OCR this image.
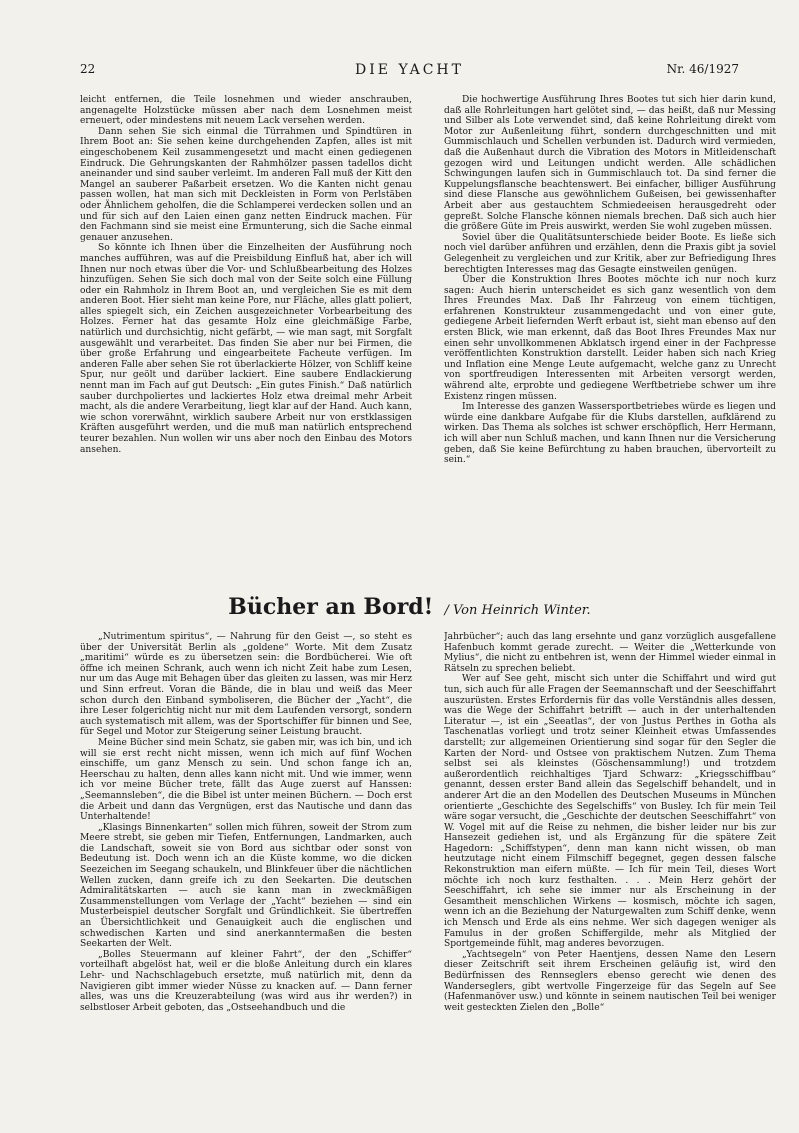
22	DIE YACHT	Nr. 46/1927

leicht entfernen, die Teile losnehmen und wieder anschrauben, angenagelte Holzstücke müssen aber nach dem Losnehmen meist erneuert, oder mindestens mit neuem Lack versehen werden.

Dann sehen Sie sich einmal die Türrahmen und Spindtüren in Ihrem Boot an: Sie sehen keine durchgehenden Zapfen, alles ist mit eingeschobenem Keil zusammengesetzt und macht einen gediegenen Eindruck. Die Gehrungskanten der Rahmhölzer passen tadellos dicht aneinander und sind sauber verleimt. Im anderen Fall muß der Kitt den Mangel an sauberer Paßarbeit ersetzen. Wo die Kanten nicht genau passen wollen, hat man sich mit Deckleisten in Form von Perlstäben oder Ähnlichem geholfen, die die Schlamperei verdecken sollen und an und für sich auf den Laien einen ganz netten Eindruck machen. Für den Fachmann sind sie meist eine Ermunterung, sich die Sache einmal genauer anzusehen.

So könnte ich Ihnen über die Einzelheiten der Ausführung noch manches aufführen, was auf die Preisbildung Einfluß hat, aber ich will Ihnen nur noch etwas über die Vor- und Schlußbearbeitung des Holzes hinzufügen. Sehen Sie sich doch mal von der Seite solch eine Füllung oder ein Rahmholz in Ihrem Boot an, und vergleichen Sie es mit dem anderen Boot. Hier sieht man keine Pore, nur Fläche, alles glatt poliert, alles spiegelt sich, ein Zeichen ausgezeichneter Vorbearbeitung des Holzes. Ferner hat das gesamte Holz eine gleichmäßige Farbe, natürlich und durchsichtig, nicht gefärbt, — wie man sagt, mit Sorgfalt ausgewählt und verarbeitet. Das finden Sie aber nur bei Firmen, die über große Erfahrung und eingearbeitete Facheute verfügen. Im anderen Falle aber sehen Sie rot überlackierte Hölzer, von Schliff keine Spur, nur geölt und darüber lackiert. Eine saubere Endlackierung nennt man im Fach auf gut Deutsch: „Ein gutes Finish.“ Daß natürlich sauber durchpoliertes und lackiertes Holz etwa dreimal mehr Arbeit macht, als die andere Verarbeitung, liegt klar auf der Hand. Auch kann, wie schon vorerwähnt, wirklich saubere Arbeit nur von erstklassigen Kräften ausgeführt werden, und die muß man natürlich entsprechend teurer bezahlen. Nun wollen wir uns aber noch den Einbau des Motors ansehen.

Die hochwertige Ausführung Ihres Bootes tut sich hier darin kund, daß alle Rohrleitungen hart gelötet sind, — das heißt, daß nur Messing und Silber als Lote verwendet sind, daß keine Rohrleitung direkt vom Motor zur Außenleitung führt, sondern durchgeschnitten und mit Gummischlauch und Schellen verbunden ist. Dadurch wird vermieden, daß die Außenhaut durch die Vibration des Motors in Mitleidenschaft gezogen wird und Leitungen undicht werden. Alle schädlichen Schwingungen laufen sich in Gummischlauch tot. Da sind ferner die Kuppelungsflansche beachtenswert. Bei einfacher, billiger Ausführung sind diese Flansche aus gewöhnlichem Gußeisen, bei gewissenhafter Arbeit aber aus gestauchtem Schmiedeeisen herausgedreht oder gepreßt. Solche Flansche können niemals brechen. Daß sich auch hier die größere Güte im Preis auswirkt, werden Sie wohl zugeben müssen.

Soviel über die Qualitätsunterschiede beider Boote. Es ließe sich noch viel darüber anführen und erzählen, denn die Praxis gibt ja soviel Gelegenheit zu vergleichen und zur Kritik, aber zur Befriedigung Ihres berechtigten Interesses mag das Gesagte einstweilen genügen.

Über die Konstruktion Ihres Bootes möchte ich nur noch kurz sagen: Auch hierin unterscheidet es sich ganz wesentlich von dem Ihres Freundes Max. Daß Ihr Fahrzeug von einem tüchtigen, erfahrenen Konstrukteur zusammengedacht und von einer gute, gediegene Arbeit liefernden Werft erbaut ist, sieht man ebenso auf den ersten Blick, wie man erkennt, daß das Boot Ihres Freundes Max nur einen sehr unvollkommenen Abklatsch irgend einer in der Fachpresse veröffentlichten Konstruktion darstellt. Leider haben sich nach Krieg und Inflation eine Menge Leute aufgemacht, welche ganz zu Unrecht von sportfreudigen Interessenten mit Arbeiten versorgt werden, während alte, erprobte und gediegene Werftbetriebe schwer um ihre Existenz ringen müssen.

Im Interesse des ganzen Wassersportbetriebes würde es liegen und würde eine dankbare Aufgabe für die Klubs darstellen, aufklärend zu wirken. Das Thema als solches ist schwer erschöpflich, Herr Hermann, ich will aber nun Schluß machen, und kann Ihnen nur die Versicherung geben, daß Sie keine Befürchtung zu haben brauchen, übervorteilt zu sein.“

Bücher an Bord! / Von Heinrich Winter.

„Nutrimentum spiritus“, — Nahrung für den Geist —, so steht es über der Universität Berlin als „goldene“ Worte. Mit dem Zusatz „maritimi“ würde es zu übersetzen sein: die Bordbücherei. Wie oft öffne ich meinen Schrank, auch wenn ich nicht Zeit habe zum Lesen, nur um das Auge mit Behagen über das gleiten zu lassen, was mir Herz und Sinn erfreut. Voran die Bände, die in blau und weiß das Meer schon durch den Einband symboliseren, die Bücher der „Yacht“, die ihre Leser folgerichtig nicht nur mit dem Laufenden versorgt, sondern auch systematisch mit allem, was der Sportschiffer für binnen und See, für Segel und Motor zur Steigerung seiner Leistung braucht.

Meine Bücher sind mein Schatz, sie gaben mir, was ich bin, und ich will sie erst recht nicht missen, wenn ich mich auf fünf Wochen einschiffe, um ganz Mensch zu sein. Und schon fange ich an, Heerschau zu halten, denn alles kann nicht mit. Und wie immer, wenn ich vor meine Bücher trete, fällt das Auge zuerst auf Hanssen: „Seemannsleben“, die die Bibel ist unter meinen Büchern. — Doch erst die Arbeit und dann das Vergnügen, erst das Nautische und dann das Unterhaltende!

„Klasings Binnenkarten“ sollen mich führen, soweit der Strom zum Meere strebt, sie geben mir Tiefen, Entfernungen, Landmarken, auch die Landschaft, soweit sie von Bord aus sichtbar oder sonst von Bedeutung ist. Doch wenn ich an die Küste komme, wo die dicken Seezeichen im Seegang schaukeln, und Blinkfeuer über die nächtlichen Wellen zucken, dann greife ich zu den Seekarten. Die deutschen Admiralitätskarten — auch sie kann man in zweckmäßigen Zusammenstellungen vom Verlage der „Yacht“ beziehen — sind ein Musterbeispiel deutscher Sorgfalt und Gründlichkeit. Sie übertreffen an Übersichtlichkeit und Genauigkeit auch die englischen und schwedischen Karten und sind anerkanntermaßen die besten Seekarten der Welt.

„Bolles Steuermann auf kleiner Fahrt“, der den „Schiffer“ vorteilhaft abgelöst hat, weil er die bloße Anleitung durch ein klares Lehr- und Nachschlagebuch ersetzte, muß natürlich mit, denn da Navigieren gibt immer wieder Nüsse zu knacken auf. — Dann ferner alles, was uns die Kreuzerabteilung (was wird aus ihr werden?) in selbstloser Arbeit geboten, das „Ostseehandbuch und die

Jahrbücher“; auch das lang ersehnte und ganz vorzüglich ausgefallene Hafenbuch kommt gerade zurecht. — Weiter die „Wetterkunde von Mylius“, die nicht zu entbehren ist, wenn der Himmel wieder einmal in Rätseln zu sprechen beliebt.

Wer auf See geht, mischt sich unter die Schiffahrt und wird gut tun, sich auch für alle Fragen der Seemannschaft und der Seeschiffahrt auszurüsten. Erstes Erfordernis für das volle Verständnis alles dessen, was die Wege der Schiffahrt betrifft — auch in der unterhaltenden Literatur —, ist ein „Seeatlas“, der von Justus Perthes in Gotha als Taschenatlas vorliegt und trotz seiner Kleinheit etwas Umfassendes darstellt; zur allgemeinen Orientierung sind sogar für den Segler die Karten der Nord- und Ostsee von praktischem Nutzen. Zum Thema selbst sei als kleinstes (Göschensammlung!) und trotzdem außerordentlich reichhaltiges Tjard Schwarz: „Kriegsschiffbau“ genannt, dessen erster Band allein das Segelschiff behandelt, und in anderer Art die an den Modellen des Deutschen Museums in München orientierte „Geschichte des Segelschiffs“ von Busley. Ich für mein Teil wäre sogar versucht, die „Geschichte der deutschen Seeschiffahrt“ von W. Vogel mit auf die Reise zu nehmen, die bisher leider nur bis zur Hansezeit gediehen ist, und als Ergänzung für die spätere Zeit Hagedorn: „Schiffstypen“, denn man kann nicht wissen, ob man heutzutage nicht einem Filmschiff begegnet, gegen dessen falsche Rekonstruktion man eifern müßte. — Ich für mein Teil, dieses Wort möchte ich noch kurz festhalten. . . . Mein Herz gehört der Seeschiffahrt, ich sehe sie immer nur als Erscheinung in der Gesamtheit menschlichen Wirkens — kosmisch, möchte ich sagen, wenn ich an die Beziehung der Naturgewalten zum Schiff denke, wenn ich Mensch und Erde als eins nehme. Wer sich dagegen weniger als Famulus in der großen Schiffergilde, mehr als Mitglied der Sportgemeinde fühlt, mag anderes bevorzugen.

„Yachtsegeln“ von Peter Haentjens, dessen Name den Lesern dieser Zeitschrift seit ihrem Erscheinen geläufig ist, wird den Bedürfnissen des Rennseglers ebenso gerecht wie denen des Wanderseglers, gibt wertvolle Fingerzeige für das Segeln auf See (Hafenmanöver usw.) und könnte in seinem nautischen Teil bei weniger weit gesteckten Zielen den „Bolle“
